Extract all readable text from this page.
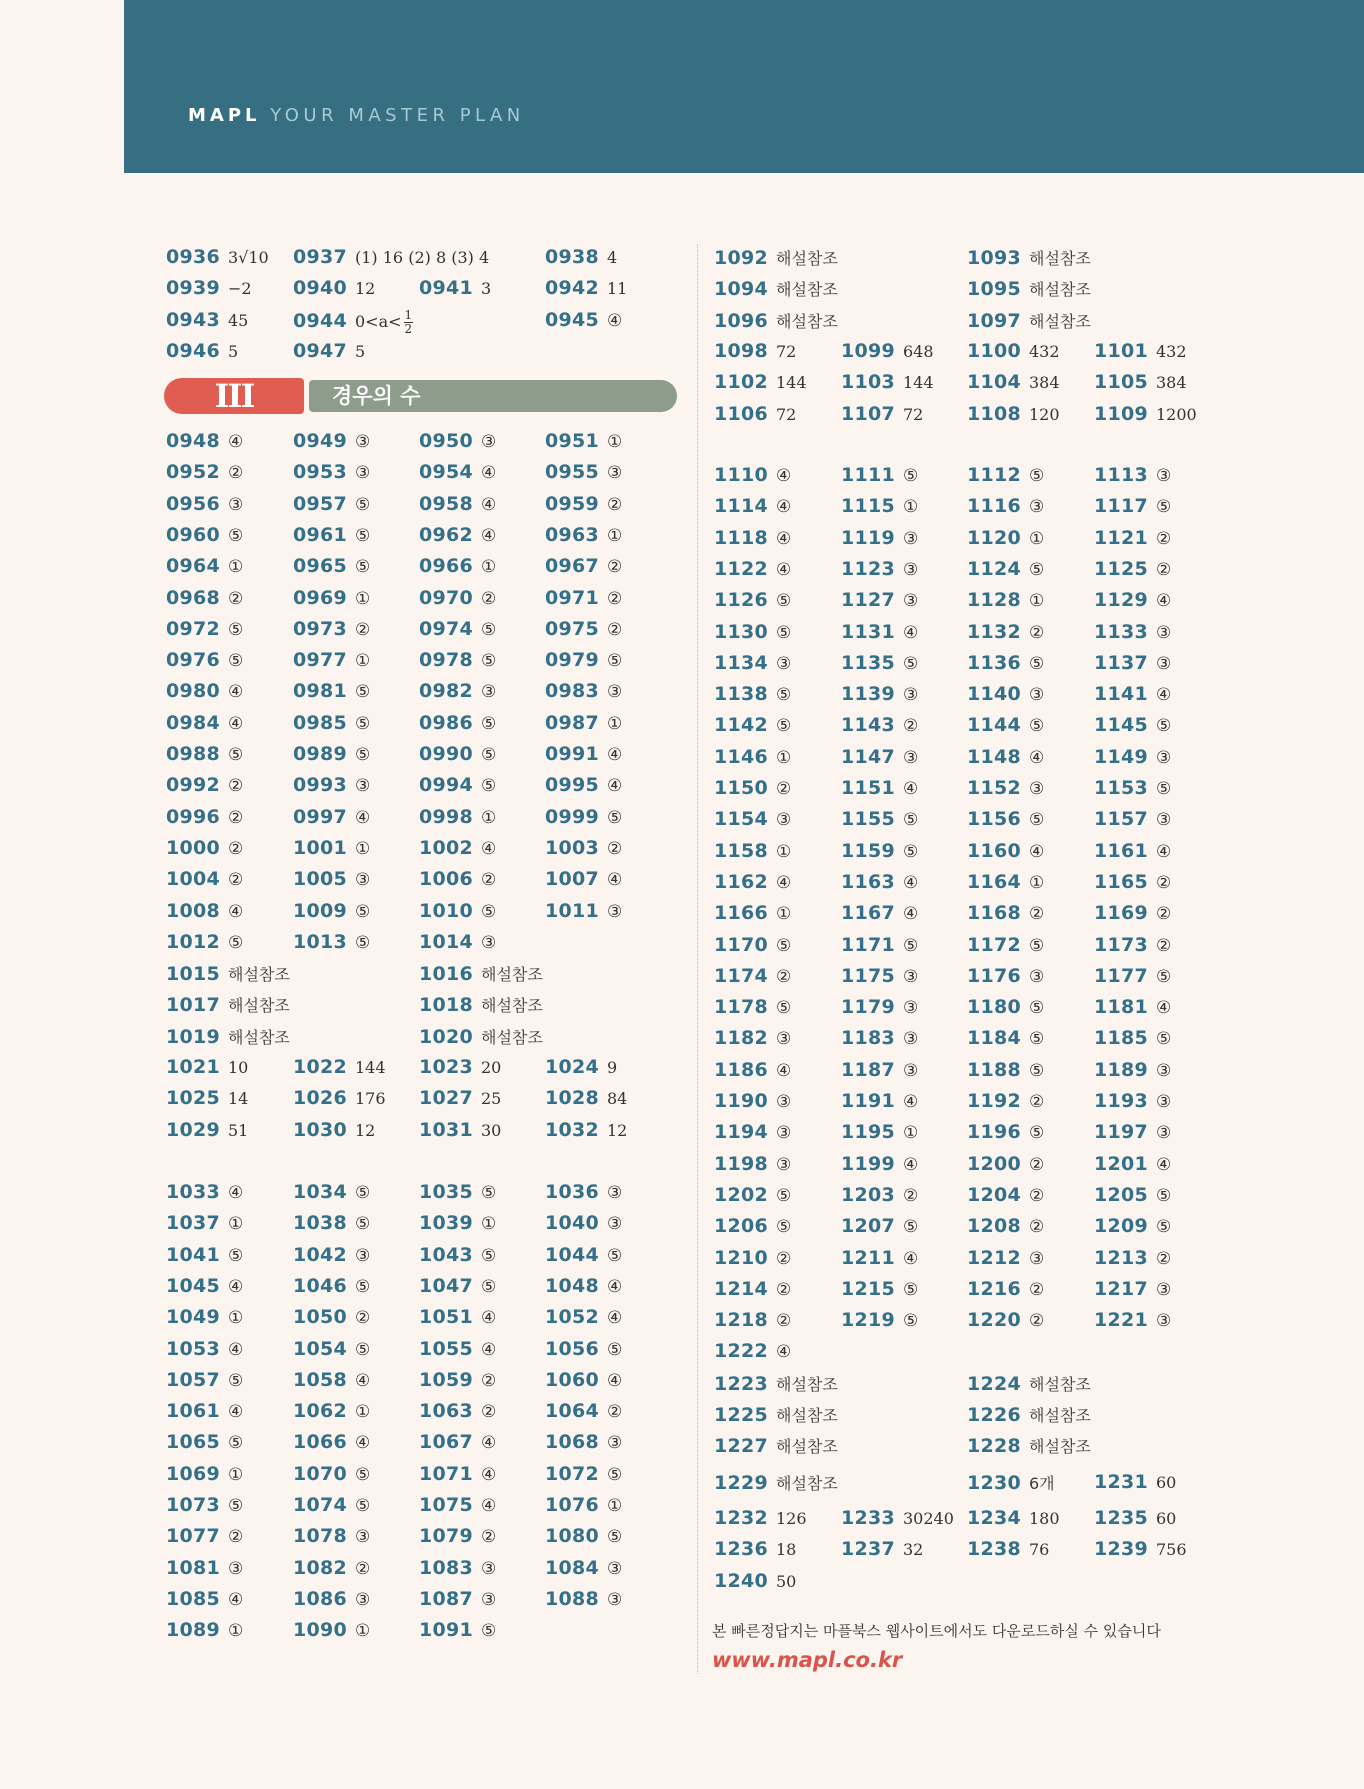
MAPL YOUR MASTER PLAN
III	경우의 수
0936 3√10 0937 (1) 16 (2) 8 (3) 4	0938 4
0939 −2 0940 12 0941 3	0942 11
0943 45 0944 $0<a< \frac{1}{2}$	0945 ④
0946 5	0947 5
0948 ④	0949 ③	0950 ③	0951 ①
0952 ②	0953 ③	0954 ④	0955 ③
0956 ③	0957 ⑤	0958 ④	0959 ②
0960 ⑤	0961 ⑤	0962 ④	0963 ①
0964 ①	0965 ⑤	0966 ①	0967 ②
0968 ②	0969 ①	0970 ②	0971 ②
0972 ⑤	0973 ②	0974 ⑤	0975 ②
0976 ⑤	0977 ①	0978 ⑤	0979 ⑤
0980 ④	0981 ⑤	0982 ③	0983 ③
0984 ④	0985 ⑤	0986 ⑤	0987 ①
0988 ⑤	0989 ⑤	0990 ⑤	0991 ④
0992 ②	0993 ③	0994 ⑤	0995 ④
0996 ②	0997 ④	0998 ①	0999 ⑤
1000 ②	1001 ①	1002 ④	1003 ②
1004 ②	1005 ③	1006 ②	1007 ④
1008 ④	1009 ⑤	1010 ⑤	1011 ③
1012 ⑤	1013 ⑤	1014 ③
1015 해설참조	1016 해설참조
1017 해설참조	1018 해설참조
1019 해설참조	1020 해설참조
1021 10 1022 144 1023 20 1024 9
1025 14 1026 176 1027 25 1028 84
1029 51 1030 12 1031 30 1032 12
1033 ④	1034 ⑤	1035 ⑤	1036 ③
1037 ①	1038 ⑤	1039 ①	1040 ③
1041 ⑤	1042 ③	1043 ⑤	1044 ⑤
1045 ④	1046 ⑤	1047 ⑤	1048 ④
1049 ①	1050 ②	1051 ④	1052 ④
1053 ④	1054 ⑤	1055 ④	1056 ⑤
1057 ⑤	1058 ④	1059 ②	1060 ④
1061 ④	1062 ①	1063 ②	1064 ②
1065 ⑤	1066 ④	1067 ④	1068 ③
1069 ①	1070 ⑤	1071 ④	1072 ⑤
1073 ⑤	1074 ⑤	1075 ④	1076 ①
1077 ②	1078 ③	1079 ②	1080 ⑤
1081 ③	1082 ②	1083 ③	1084 ③
1085 ④	1086 ③	1087 ③	1088 ③
1089 ①	1090 ①	1091 ⑤
1092 해설참조	1093 해설참조
1094 해설참조	1095 해설참조
1096 해설참조	1097 해설참조
1098 72 1099 648 1100 432 1101 432
1102 144 1103 144 1104 384 1105 384
1106 72 1107 72 1108 120 1109 1200
1110 ④	1111 ⑤	1112 ⑤	1113 ③
1114 ④	1115 ①	1116 ③	1117 ⑤
1118 ④	1119 ③	1120 ①	1121 ②
1122 ④	1123 ③	1124 ⑤	1125 ②
1126 ⑤	1127 ③	1128 ①	1129 ④
1130 ⑤	1131 ④	1132 ②	1133 ③
1134 ③	1135 ⑤	1136 ⑤	1137 ③
1138 ⑤	1139 ③	1140 ③	1141 ④
1142 ⑤	1143 ②	1144 ⑤	1145 ⑤
1146 ①	1147 ③	1148 ④	1149 ③
1150 ②	1151 ④	1152 ③	1153 ⑤
1154 ③	1155 ⑤	1156 ⑤	1157 ③
1158 ①	1159 ⑤	1160 ④	1161 ④
1162 ④	1163 ④	1164 ①	1165 ②
1166 ①	1167 ④	1168 ②	1169 ②
1170 ⑤	1171 ⑤	1172 ⑤	1173 ②
1174 ②	1175 ③	1176 ③	1177 ⑤
1178 ⑤	1179 ③	1180 ⑤	1181 ④
1182 ③	1183 ③	1184 ⑤	1185 ⑤
1186 ④	1187 ③	1188 ⑤	1189 ③
1190 ③	1191 ④	1192 ②	1193 ③
1194 ③	1195 ①	1196 ⑤	1197 ③
1198 ③	1199 ④	1200 ②	1201 ④
1202 ⑤	1203 ②	1204 ②	1205 ⑤
1206 ⑤	1207 ⑤	1208 ②	1209 ⑤
1210 ②	1211 ④	1212 ③	1213 ②
1214 ②	1215 ⑤	1216 ②	1217 ③
1218 ②	1219 ⑤	1220 ②	1221 ③
1222 ④
1223 해설참조	1224 해설참조
1225 해설참조	1226 해설참조
1227 해설참조	1228 해설참조
1229 해설참조	1230 6개 1231 60
1232 126 1233 30240 1234 180 1235 60
1236 18 1237 32 1238 76 1239 756
1240 50
본 빠른정답지는 마플북스 웹사이트에서도 다운로드하실 수 있습니다
www.mapl.co.kr
